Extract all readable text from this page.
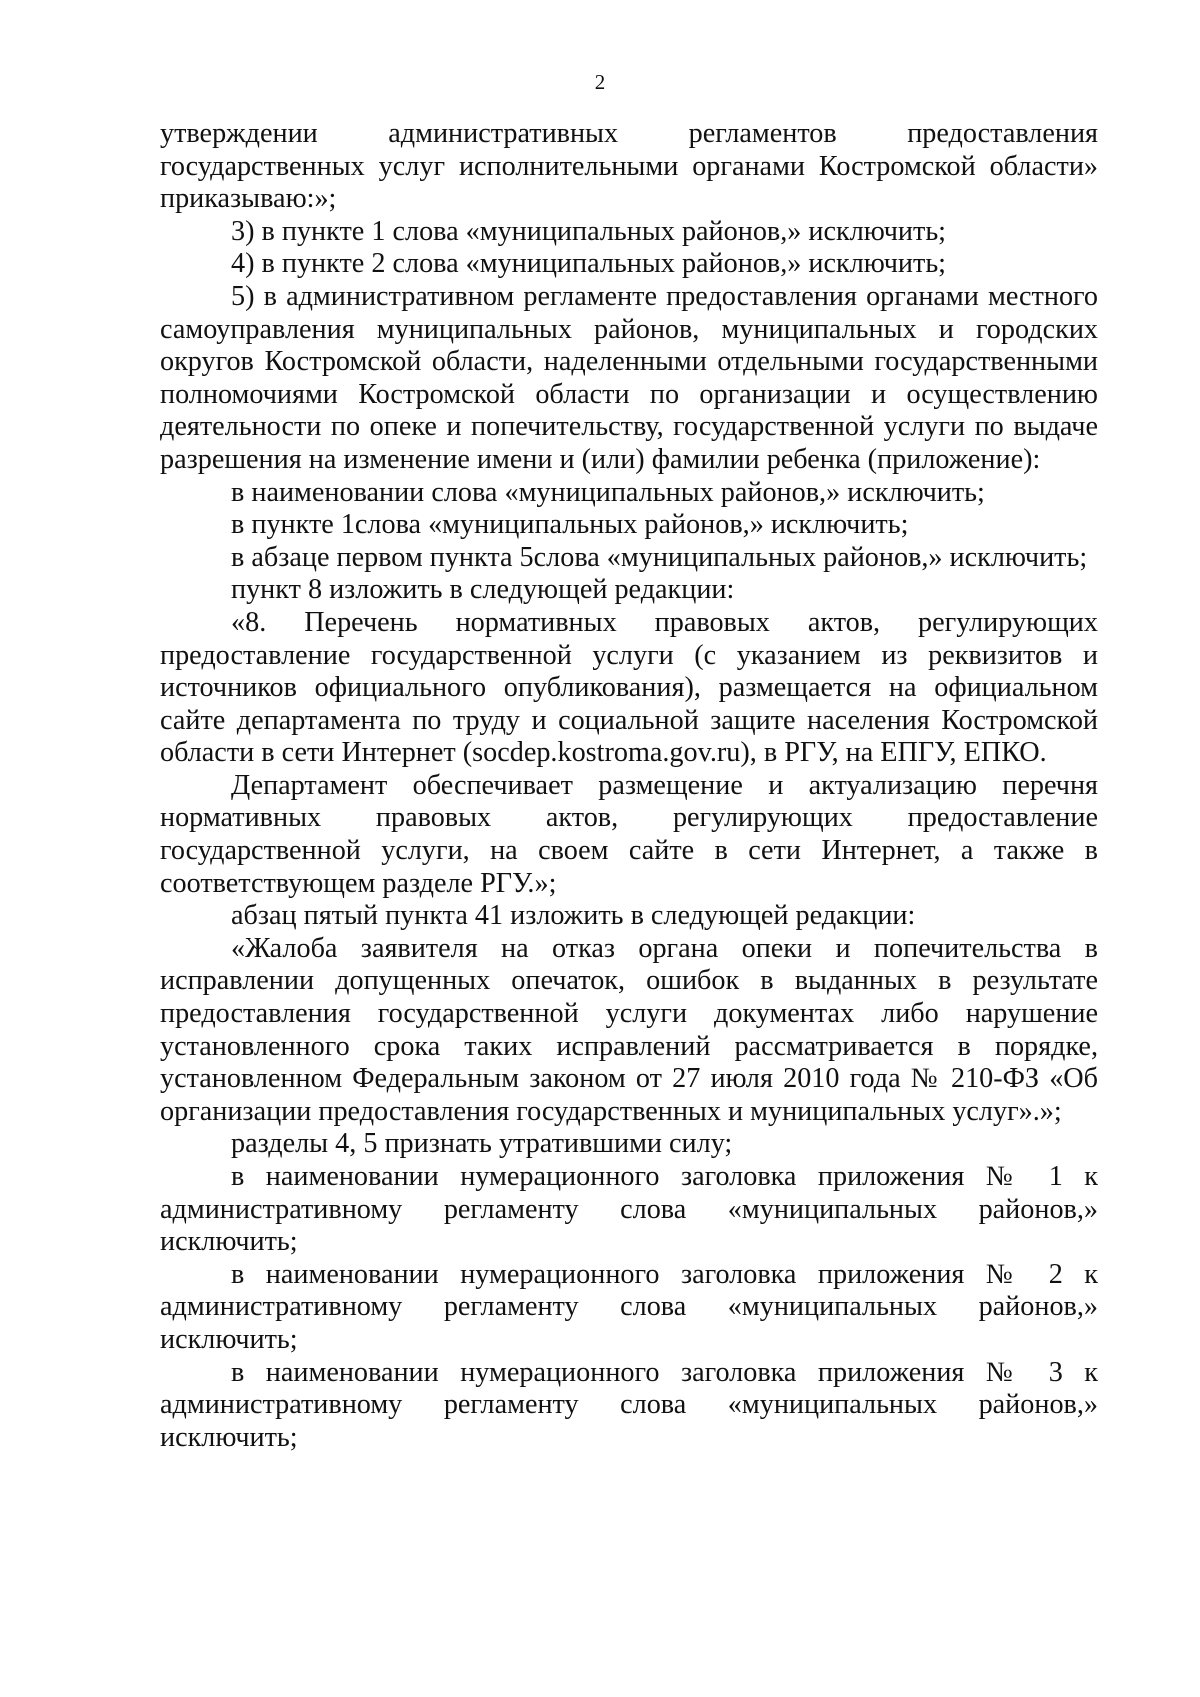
2

утверждении административных регламентов предоставления государственных услуг исполнительными органами Костромской области» приказываю:»;

3) в пункте 1 слова «муниципальных районов,» исключить;

4) в пункте 2 слова «муниципальных районов,» исключить;

5) в административном регламенте предоставления органами местного самоуправления муниципальных районов, муниципальных и городских округов Костромской области, наделенными отдельными государственными полномочиями Костромской области по организации и осуществлению деятельности по опеке и попечительству, государственной услуги по выдаче разрешения на изменение имени и (или) фамилии ребенка (приложение):

в наименовании слова «муниципальных районов,» исключить;

в пункте 1слова «муниципальных районов,» исключить;

в абзаце первом пункта 5слова «муниципальных районов,» исключить;

пункт 8 изложить в следующей редакции:

«8. Перечень нормативных правовых актов, регулирующих предоставление государственной услуги (с указанием из реквизитов и источников официального опубликования), размещается на официальном сайте департамента по труду и социальной защите населения Костромской области в сети Интернет (socdep.kostroma.gov.ru), в РГУ, на ЕПГУ, ЕПКО.

Департамент обеспечивает размещение и актуализацию перечня нормативных правовых актов, регулирующих предоставление государственной услуги, на своем сайте в сети Интернет, а также в соответствующем разделе РГУ.»;

абзац пятый пункта 41 изложить в следующей редакции:

«Жалоба заявителя на отказ органа опеки и попечительства в исправлении допущенных опечаток, ошибок в выданных в результате предоставления государственной услуги документах либо нарушение установленного срока таких исправлений рассматривается в порядке, установленном Федеральным законом от 27 июля 2010 года № 210-ФЗ «Об организации предоставления государственных и муниципальных услуг».»;

разделы 4, 5 признать утратившими силу;

в наименовании нумерационного заголовка приложения № 1 к административному регламенту слова «муниципальных районов,» исключить;

в наименовании нумерационного заголовка приложения № 2 к административному регламенту слова «муниципальных районов,» исключить;

в наименовании нумерационного заголовка приложения № 3 к административному регламенту слова «муниципальных районов,» исключить;
